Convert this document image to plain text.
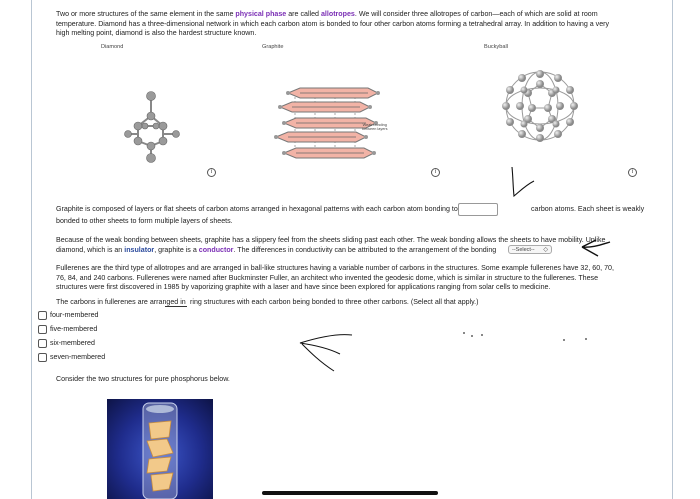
Two or more structures of the same element in the same physical phase are called allotropes. We will consider three allotropes of carbon—each of which are solid at room

temperature. Diamond has a three-dimensional network in which each carbon atom is bonded to four other carbon atoms forming a tetrahedral array. In addition to having a very

high melting point, diamond is also the hardest structure known.

Diamond	Graphite	Buckyball
Weak bonding
between layers
i	i	i

Graphite is composed of layers or flat sheets of carbon atoms arranged in hexagonal patterns with each carbon atom bonding to	carbon atoms. Each sheet is weakly

bonded to other sheets to form multiple layers of sheets.

Because of the weak bonding between sheets, graphite has a slippery feel from the sheets sliding past each other. The weak bonding allows the sheets to have mobility. Unlike

diamond, which is an insulator, graphite is a conductor. The differences in conductivity can be attributed to the arrangement of the bonding	--Select-- ◇

Fullerenes are the third type of allotropes and are arranged in ball-like structures having a variable number of carbons in the structures. Some example fullerenes have 32, 60, 70,

76, 84, and 240 carbons. Fullerenes were named after Buckminster Fuller, an architect who invented the geodesic dome, which is similar in structure to the fullerenes. These

structures were first discovered in 1985 by vaporizing graphite with a laser and have since been explored for applications ranging from solar cells to medicine.

The carbons in fullerenes are arranged in ring structures with each carbon being bonded to three other carbons. (Select all that apply.)

four-membered
five-membered
six-membered
seven-membered

Consider the two structures for pure phosphorus below.
